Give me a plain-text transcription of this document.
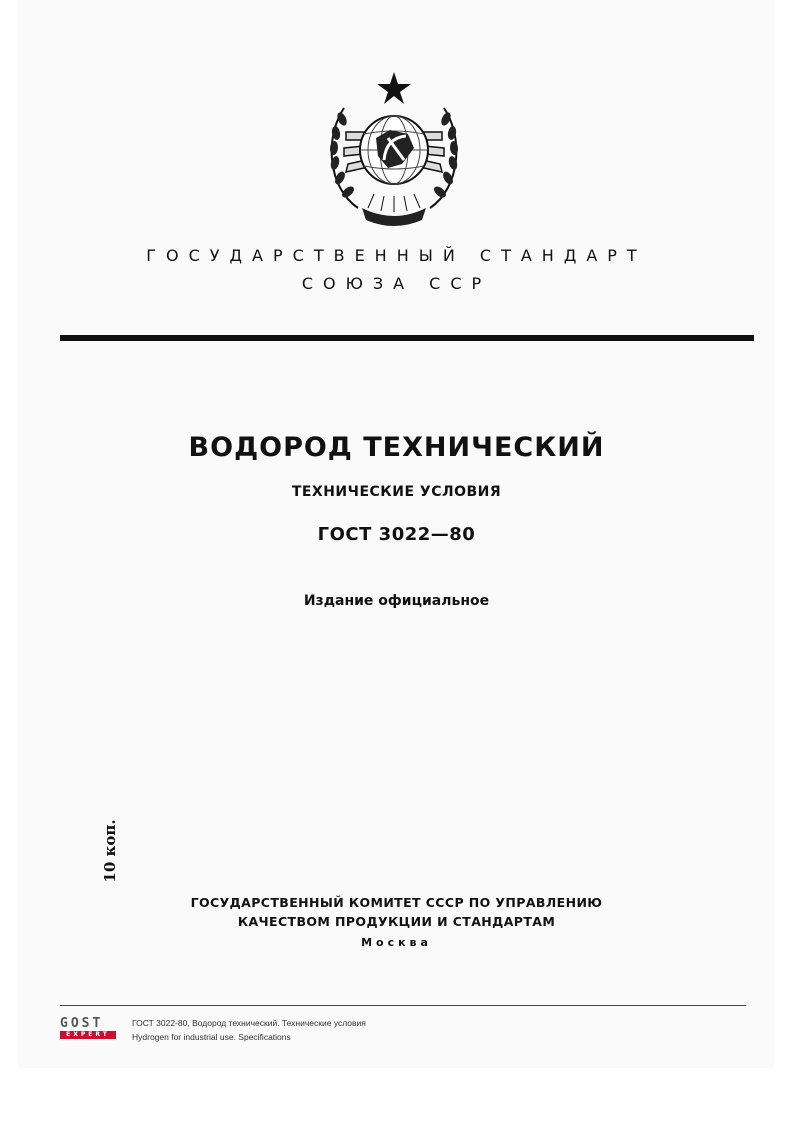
ГОСУДАРСТВЕННЫЙ СТАНДАРТ
СОЮЗА ССР
ВОДОРОД ТЕХНИЧЕСКИЙ
ТЕХНИЧЕСКИЕ УСЛОВИЯ
ГОСТ 3022—80
Издание официальное
10 коп.
ГОСУДАРСТВЕННЫЙ КОМИТЕТ СССР ПО УПРАВЛЕНИЮ
КАЧЕСТВОМ ПРОДУКЦИИ И СТАНДАРТАМ
Москва
GOST
EXPERT
ГОСТ 3022-80, Водород технический. Технические условия
Hydrogen for industrial use. Specifications
